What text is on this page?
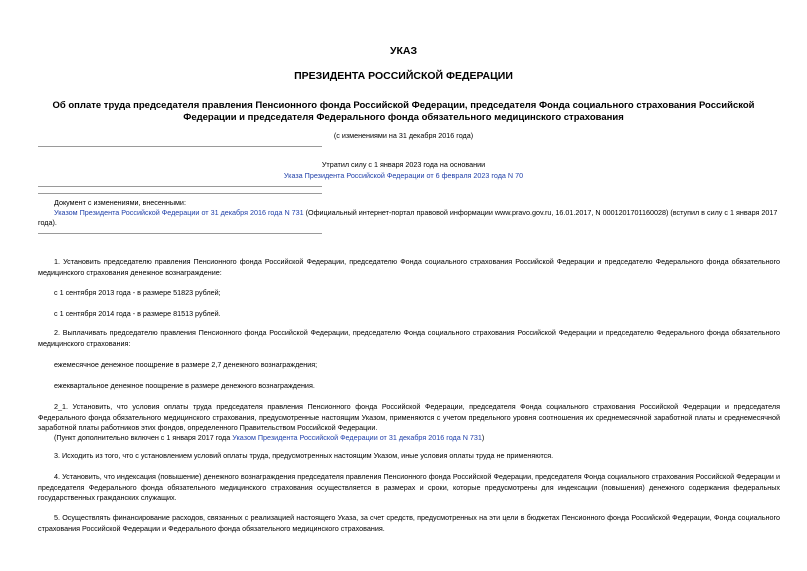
УКАЗ
ПРЕЗИДЕНТА РОССИЙСКОЙ ФЕДЕРАЦИИ
Об оплате труда председателя правления Пенсионного фонда Российской Федерации, председателя Фонда социального страхования Российской Федерации и председателя Федерального фонда обязательного медицинского страхования
(с изменениями на 31 декабря 2016 года)
Утратил силу с 1 января 2023 года на основании
Указа Президента Российской Федерации от 6 февраля 2023 года N 70
Документ с изменениями, внесенными:
Указом Президента Российской Федерации от 31 декабря 2016 года N 731 (Официальный интернет-портал правовой информации www.pravo.gov.ru, 16.01.2017, N 0001201701160028) (вступил в силу с 1 января 2017 года).
1. Установить председателю правления Пенсионного фонда Российской Федерации, председателю Фонда социального страхования Российской Федерации и председателю Федерального фонда обязательного медицинского страхования денежное вознаграждение:
с 1 сентября 2013 года - в размере 51823 рублей;
с 1 сентября 2014 года - в размере 81513 рублей.
2. Выплачивать председателю правления Пенсионного фонда Российской Федерации, председателю Фонда социального страхования Российской Федерации и председателю Федерального фонда обязательного медицинского страхования:
ежемесячное денежное поощрение в размере 2,7 денежного вознаграждения;
ежеквартальное денежное поощрение в размере денежного вознаграждения.
2_1. Установить, что условия оплаты труда председателя правления Пенсионного фонда Российской Федерации, председателя Фонда социального страхования Российской Федерации и председателя Федерального фонда обязательного медицинского страхования, предусмотренные настоящим Указом, применяются с учетом предельного уровня соотношения их среднемесячной заработной платы и среднемесячной заработной платы работников этих фондов, определенного Правительством Российской Федерации.
(Пункт дополнительно включен с 1 января 2017 года Указом Президента Российской Федерации от 31 декабря 2016 года N 731)
3. Исходить из того, что с установлением условий оплаты труда, предусмотренных настоящим Указом, иные условия оплаты труда не применяются.
4. Установить, что индексация (повышение) денежного вознаграждения председателя правления Пенсионного фонда Российской Федерации, председателя Фонда социального страхования Российской Федерации и председателя Федерального фонда обязательного медицинского страхования осуществляется в размерах и сроки, которые предусмотрены для индексации (повышения) денежного содержания федеральных государственных гражданских служащих.
5. Осуществлять финансирование расходов, связанных с реализацией настоящего Указа, за счет средств, предусмотренных на эти цели в бюджетах Пенсионного фонда Российской Федерации, Фонда социального страхования Российской Федерации и Федерального фонда обязательного медицинского страхования.
